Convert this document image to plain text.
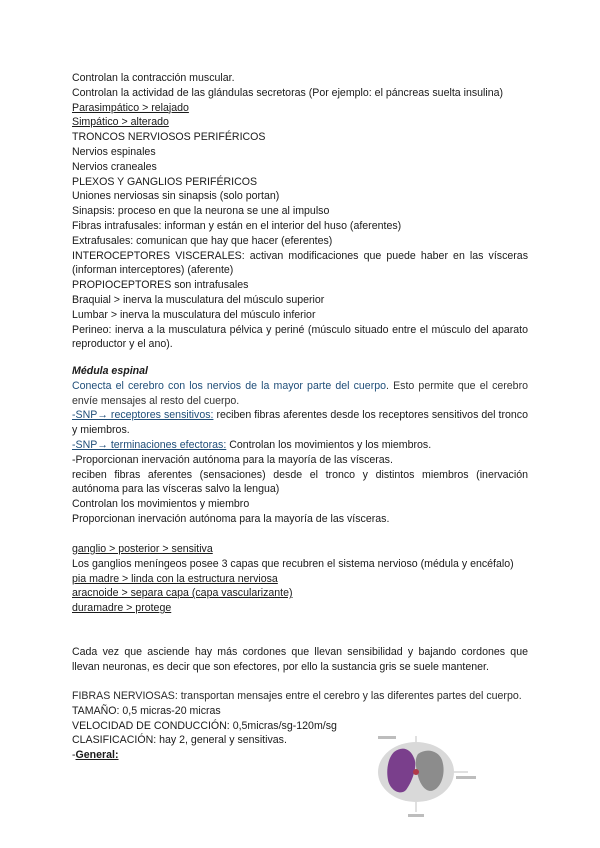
Controlan la contracción muscular.
Controlan la actividad de las glándulas secretoras (Por ejemplo: el páncreas suelta insulina)
Parasimpático > relajado
Simpático > alterado
TRONCOS NERVIOSOS PERIFÉRICOS
Nervios espinales
Nervios craneales
PLEXOS Y GANGLIOS PERIFÉRICOS
Uniones nerviosas sin sinapsis (solo portan)
Sinapsis: proceso en que la neurona se une al impulso
Fibras intrafusales: informan y están en el interior del huso (aferentes)
Extrafusales: comunican que hay que hacer (eferentes)
INTEROCEPTORES VISCERALES: activan modificaciones que puede haber en las vísceras (informan interceptores) (aferente)
PROPIOCEPTORES son intrafusales
Braquial > inerva la musculatura del músculo superior
Lumbar > inerva la musculatura del músculo inferior
Perineo: inerva a la musculatura pélvica y periné (músculo situado entre el músculo del aparato reproductor y el ano).
Médula espinal
Conecta el cerebro con los nervios de la mayor parte del cuerpo. Esto permite que el cerebro envíe mensajes al resto del cuerpo.
-SNP→ receptores sensitivos: reciben fibras aferentes desde los receptores sensitivos del tronco y miembros.
-SNP→ terminaciones efectoras: Controlan los movimientos y los miembros.
-Proporcionan inervación autónoma para la mayoría de las vísceras.
reciben fibras aferentes (sensaciones) desde el tronco y distintos miembros (inervación autónoma para las vísceras salvo la lengua)
Controlan los movimientos y miembro
Proporcionan inervación autónoma para la mayoría de las vísceras.
ganglio > posterior > sensitiva
Los ganglios meníngeos posee 3 capas que recubren el sistema nervioso (médula y encéfalo)
pia madre > linda con la estructura nerviosa
aracnoide > separa capa (capa vascularizante)
duramadre > protege
Cada vez que asciende hay más cordones que llevan sensibilidad y bajando cordones que llevan neuronas, es decir que son efectores, por ello la sustancia gris se suele mantener.
FIBRAS NERVIOSAS: transportan mensajes entre el cerebro y las diferentes partes del cuerpo.
TAMAÑO: 0,5 micras-20 micras
VELOCIDAD DE CONDUCCIÓN: 0,5micras/sg-120m/sg
CLASIFICACIÓN: hay 2, general y sensitivas.
-General:
